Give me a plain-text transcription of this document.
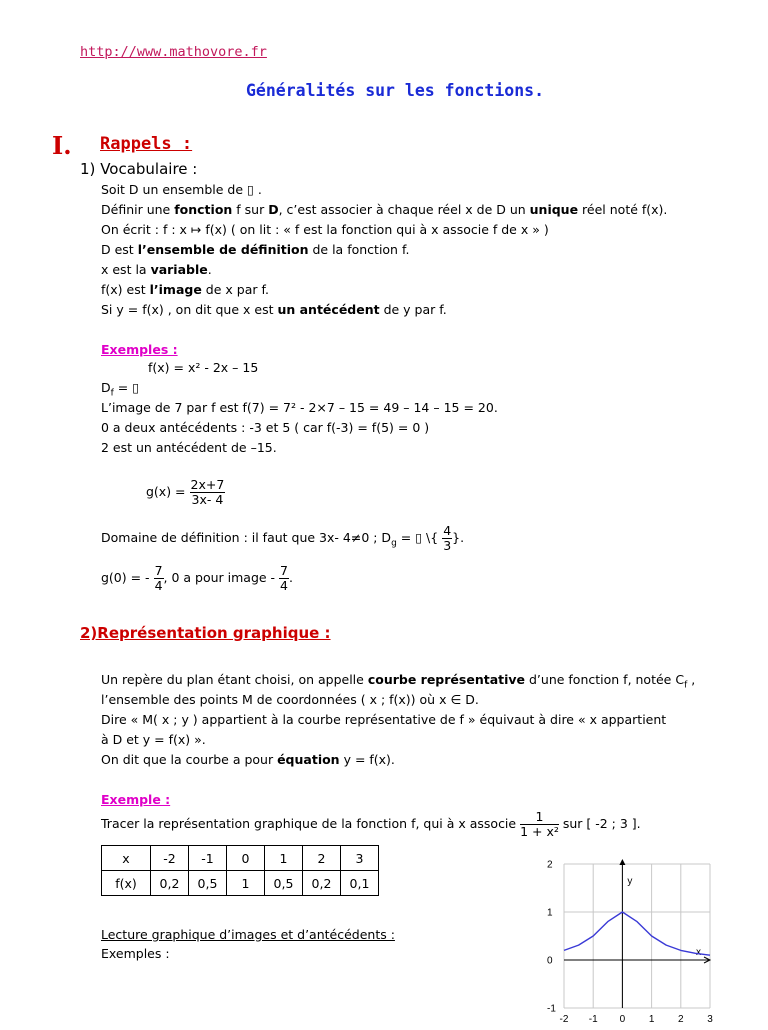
http://www.mathovore.fr
Généralités sur les fonctions.
I. Rappels :
1) Vocabulaire :
Soit D un ensemble de ▯ .
Définir une fonction f sur D, c’est associer à chaque réel x de D un unique réel noté f(x).
On écrit : f : x ↦ f(x) ( on lit : « f est la fonction qui à x associe f de x » )
D est l’ensemble de définition de la fonction f.
x est la variable.
f(x) est l’image de x par f.
Si y = f(x) , on dit que x est un antécédent de y par f.
Exemples :
f(x) = x² - 2x – 15
$D_f$ = ▯
L’image de 7 par f est f(7) = 7² - 2×7 – 15 = 49 – 14 – 15 = 20.
0 a deux antécédents : -3 et 5 ( car f(-3) = f(5) = 0 )
2 est un antécédent de –15.
$g(x) = \frac{2x+7}{3x- 4}$
Domaine de définition : il faut que 3x- 4≠0 ; $D_g$ = ▯ \{ $\frac{4}{3}$ }.
g(0) = - $\frac{7}{4}$ , 0 a pour image - $\frac{7}{4}$ .
2)Représentation graphique :
Un repère du plan étant choisi, on appelle courbe représentative d’une fonction f, notée $C_f$ ,
l’ensemble des points M de coordonnées ( x ; f(x)) où x ∈ D.
Dire « M( x ; y ) appartient à la courbe représentative de f » équivaut à dire « x appartient
à D et y = f(x) ».
On dit que la courbe a pour équation y = f(x).
Exemple :
Tracer la représentation graphique de la fonction f, qui à x associe $\frac{1}{\text{1 + x²}}$ sur [ -2 ; 3 ].
x	-2	-1	0	1	2	3
f(x)	0,2	0,5	1	0,5	0,2	0,1
Lecture graphique d’images et d’antécédents :
Exemples :	x
y
2
1
0
-1
-2 -1 0 1 2 3
